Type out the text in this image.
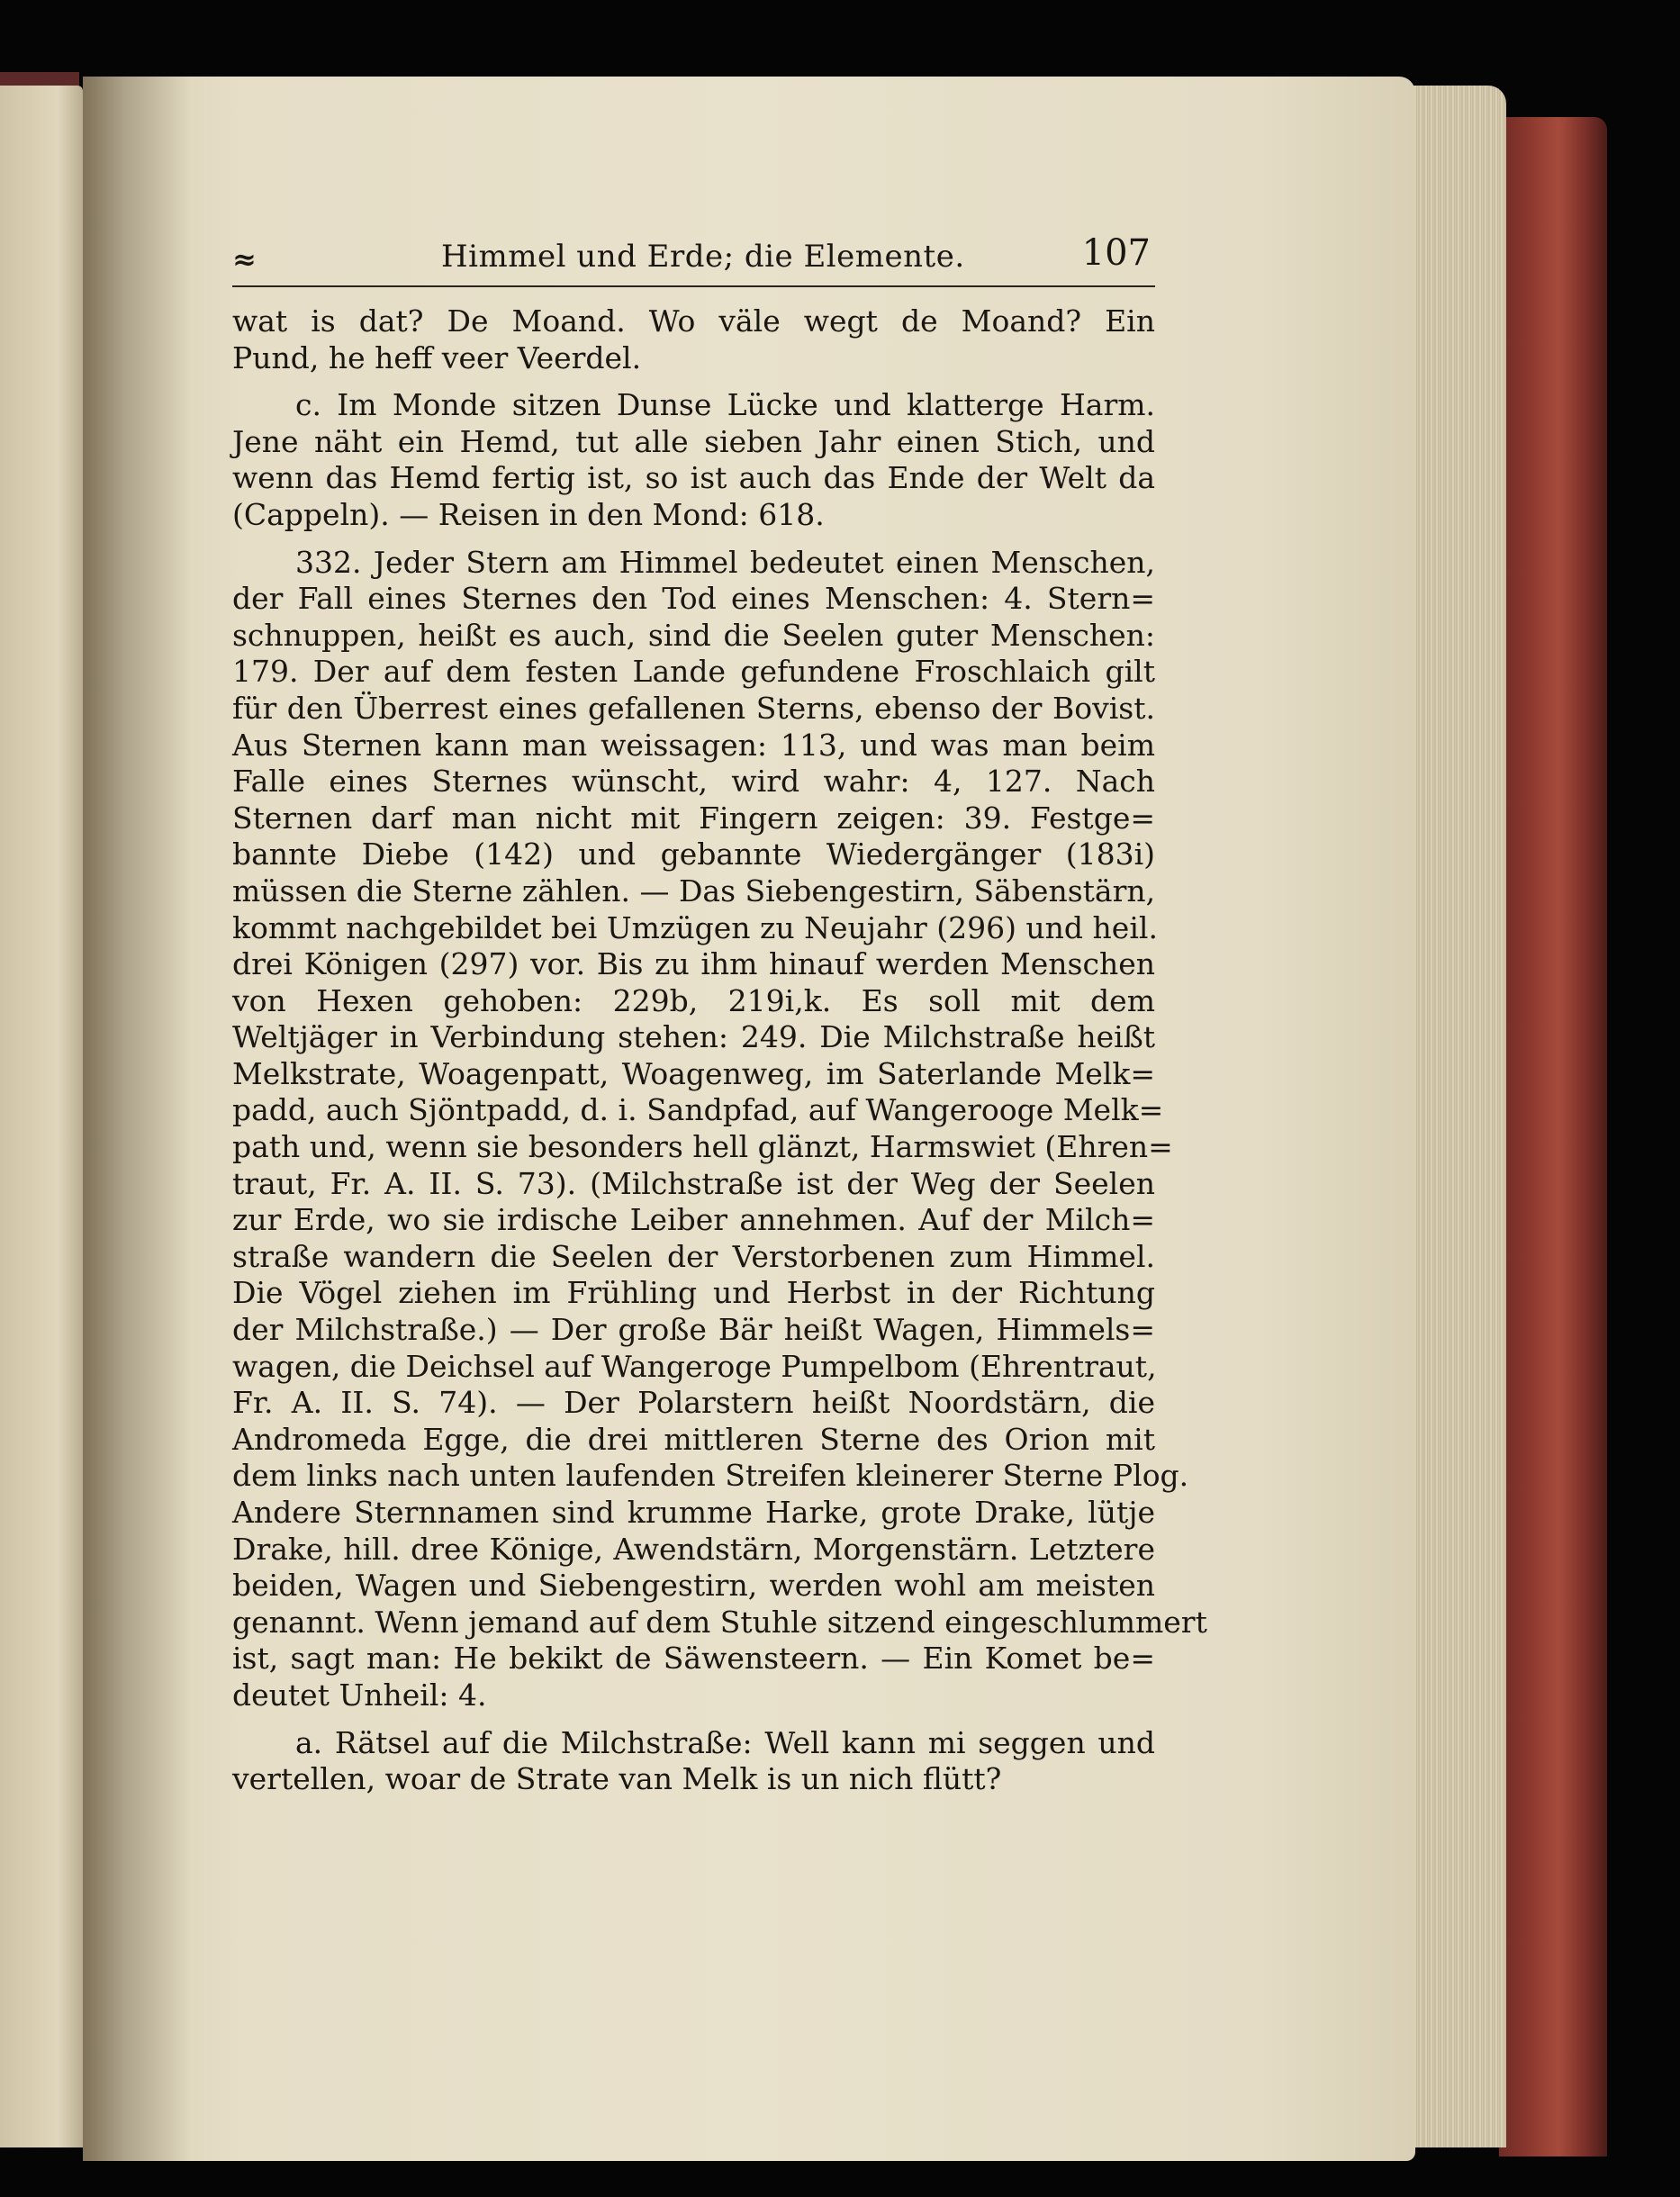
≈	Himmel und Erde; die Elemente.	107

wat is dat? De Moand. Wo väle wegt de Moand? Ein
Pund, he heff veer Veerdel.

c. Im Monde sitzen Dunse Lücke und klatterge Harm.
Jene näht ein Hemd, tut alle sieben Jahr einen Stich, und
wenn das Hemd fertig ist, so ist auch das Ende der Welt da
(Cappeln). — Reisen in den Mond: 618.

332. Jeder Stern am Himmel bedeutet einen Menschen,
der Fall eines Sternes den Tod eines Menschen: 4. Stern=
schnuppen, heißt es auch, sind die Seelen guter Menschen:
179. Der auf dem festen Lande gefundene Froschlaich gilt
für den Überrest eines gefallenen Sterns, ebenso der Bovist.
Aus Sternen kann man weissagen: 113, und was man beim
Falle eines Sternes wünscht, wird wahr: 4, 127. Nach
Sternen darf man nicht mit Fingern zeigen: 39. Festge=
bannte Diebe (142) und gebannte Wiedergänger (183i)
müssen die Sterne zählen. — Das Siebengestirn, Säbenstärn,
kommt nachgebildet bei Umzügen zu Neujahr (296) und heil.
drei Königen (297) vor. Bis zu ihm hinauf werden Menschen
von Hexen gehoben: 229b, 219i,k. Es soll mit dem
Weltjäger in Verbindung stehen: 249. Die Milchstraße heißt
Melkstrate, Woagenpatt, Woagenweg, im Saterlande Melk=
padd, auch Sjöntpadd, d. i. Sandpfad, auf Wangerooge Melk=
path und, wenn sie besonders hell glänzt, Harmswiet (Ehren=
traut, Fr. A. II. S. 73). (Milchstraße ist der Weg der Seelen
zur Erde, wo sie irdische Leiber annehmen. Auf der Milch=
straße wandern die Seelen der Verstorbenen zum Himmel.
Die Vögel ziehen im Frühling und Herbst in der Richtung
der Milchstraße.) — Der große Bär heißt Wagen, Himmels=
wagen, die Deichsel auf Wangeroge Pumpelbom (Ehrentraut,
Fr. A. II. S. 74). — Der Polarstern heißt Noordstärn, die
Andromeda Egge, die drei mittleren Sterne des Orion mit
dem links nach unten laufenden Streifen kleinerer Sterne Plog.
Andere Sternnamen sind krumme Harke, grote Drake, lütje
Drake, hill. dree Könige, Awendstärn, Morgenstärn. Letztere
beiden, Wagen und Siebengestirn, werden wohl am meisten
genannt. Wenn jemand auf dem Stuhle sitzend eingeschlummert
ist, sagt man: He bekikt de Säwensteern. — Ein Komet be=
deutet Unheil: 4.

a. Rätsel auf die Milchstraße: Well kann mi seggen und
vertellen, woar de Strate van Melk is un nich flütt?
